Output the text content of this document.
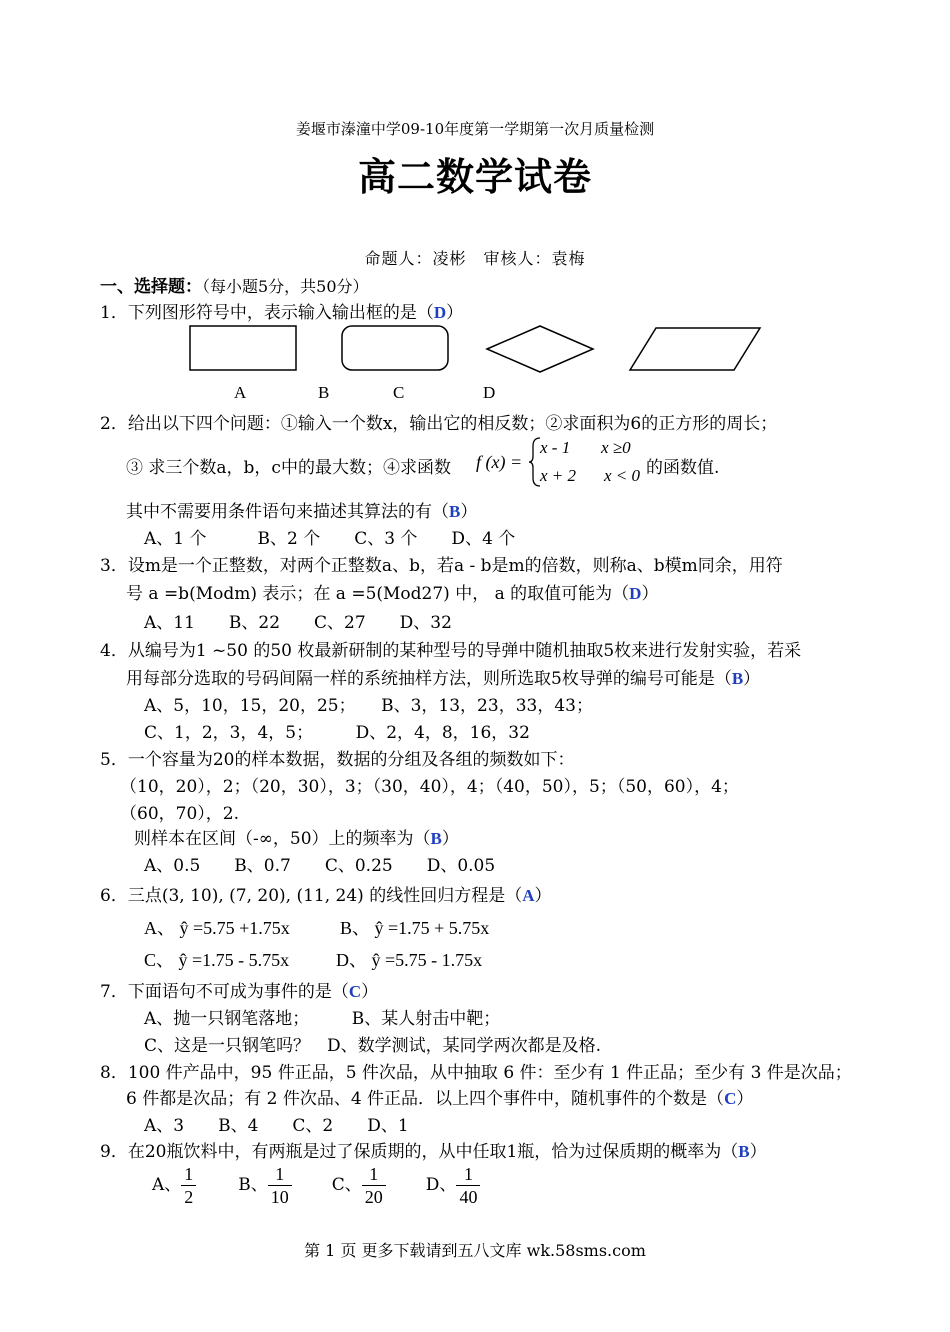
姜堰市溱潼中学09-10年度第一学期第一次月质量检测
高二数学试卷
命题人：凌彬　审核人：袁梅
一、选择题：（每小题5分，共50分）
1．下列图形符号中，表示输入输出框的是（D）
A	B	C	D
2．给出以下四个问题：①输入一个数x，输出它的相反数；②求面积为6的正方形的周长；
③ 求三个数a，b，c中的最大数；④求函数 f (x) =
x - 1 x ≥0
x + 2 x < 0 的函数值.
其中不需要用条件语句来描述其算法的有（B）
A、1 个　　　B、2 个　　C、3 个　　D、4 个
3．设m是一个正整数，对两个正整数a、b，若a - b是m的倍数，则称a、b模m同余，用符
号 a =b(Modm) 表示；在 a =5(Mod27) 中， a 的取值可能为（D）
A、11　　B、22　　C、27　　D、32
4．从编号为1 ~50 的50 枚最新研制的某种型号的导弹中随机抽取5枚来进行发射实验，若采
用每部分选取的号码间隔一样的系统抽样方法，则所选取5枚导弹的编号可能是（B）
A、5，10，15，20，25；　　B、3，13，23，33，43；
C、1，2，3，4，5；　　　D、2，4，8，16，32
5．一个容量为20的样本数据，数据的分组及各组的频数如下：
（10，20），2；（20，30），3；（30，40），4；（40，50），5；（50，60），4；
（60，70），2.
则样本在区间（-∞，50）上的频率为（B）
A、0.5　　B、0.7　　C、0.25　　D、0.05
6．三点(3, 10), (7, 20), (11, 24) 的线性回归方程是（A）
A、 ŷ =5.75 +1.75x	B、 ŷ =1.75 + 5.75x
C、 ŷ =1.75 - 5.75x	D、 ŷ =5.75 - 1.75x
7．下面语句不可成为事件的是（C）
A、抛一只钢笔落地；　　　B、某人射击中靶；
C、这是一只钢笔吗？　D、数学测试，某同学两次都是及格.
8．100 件产品中，95 件正品，5 件次品，从中抽取 6 件：至少有 1 件正品；至少有 3 件是次品；
6 件都是次品；有 2 件次品、4 件正品．以上四个事件中，随机事件的个数是（C）
A、3　　B、4　　C、2　　D、1
9．在20瓶饮料中，有两瓶是过了保质期的，从中任取1瓶，恰为过保质期的概率为（B）
A、 $\frac{1}{2}$ B、 $\frac{1}{10}$ C、 $\frac{1}{20}$ D、 $\frac{1}{40}$
第 1 页 更多下载请到五八文库 wk.58sms.com
